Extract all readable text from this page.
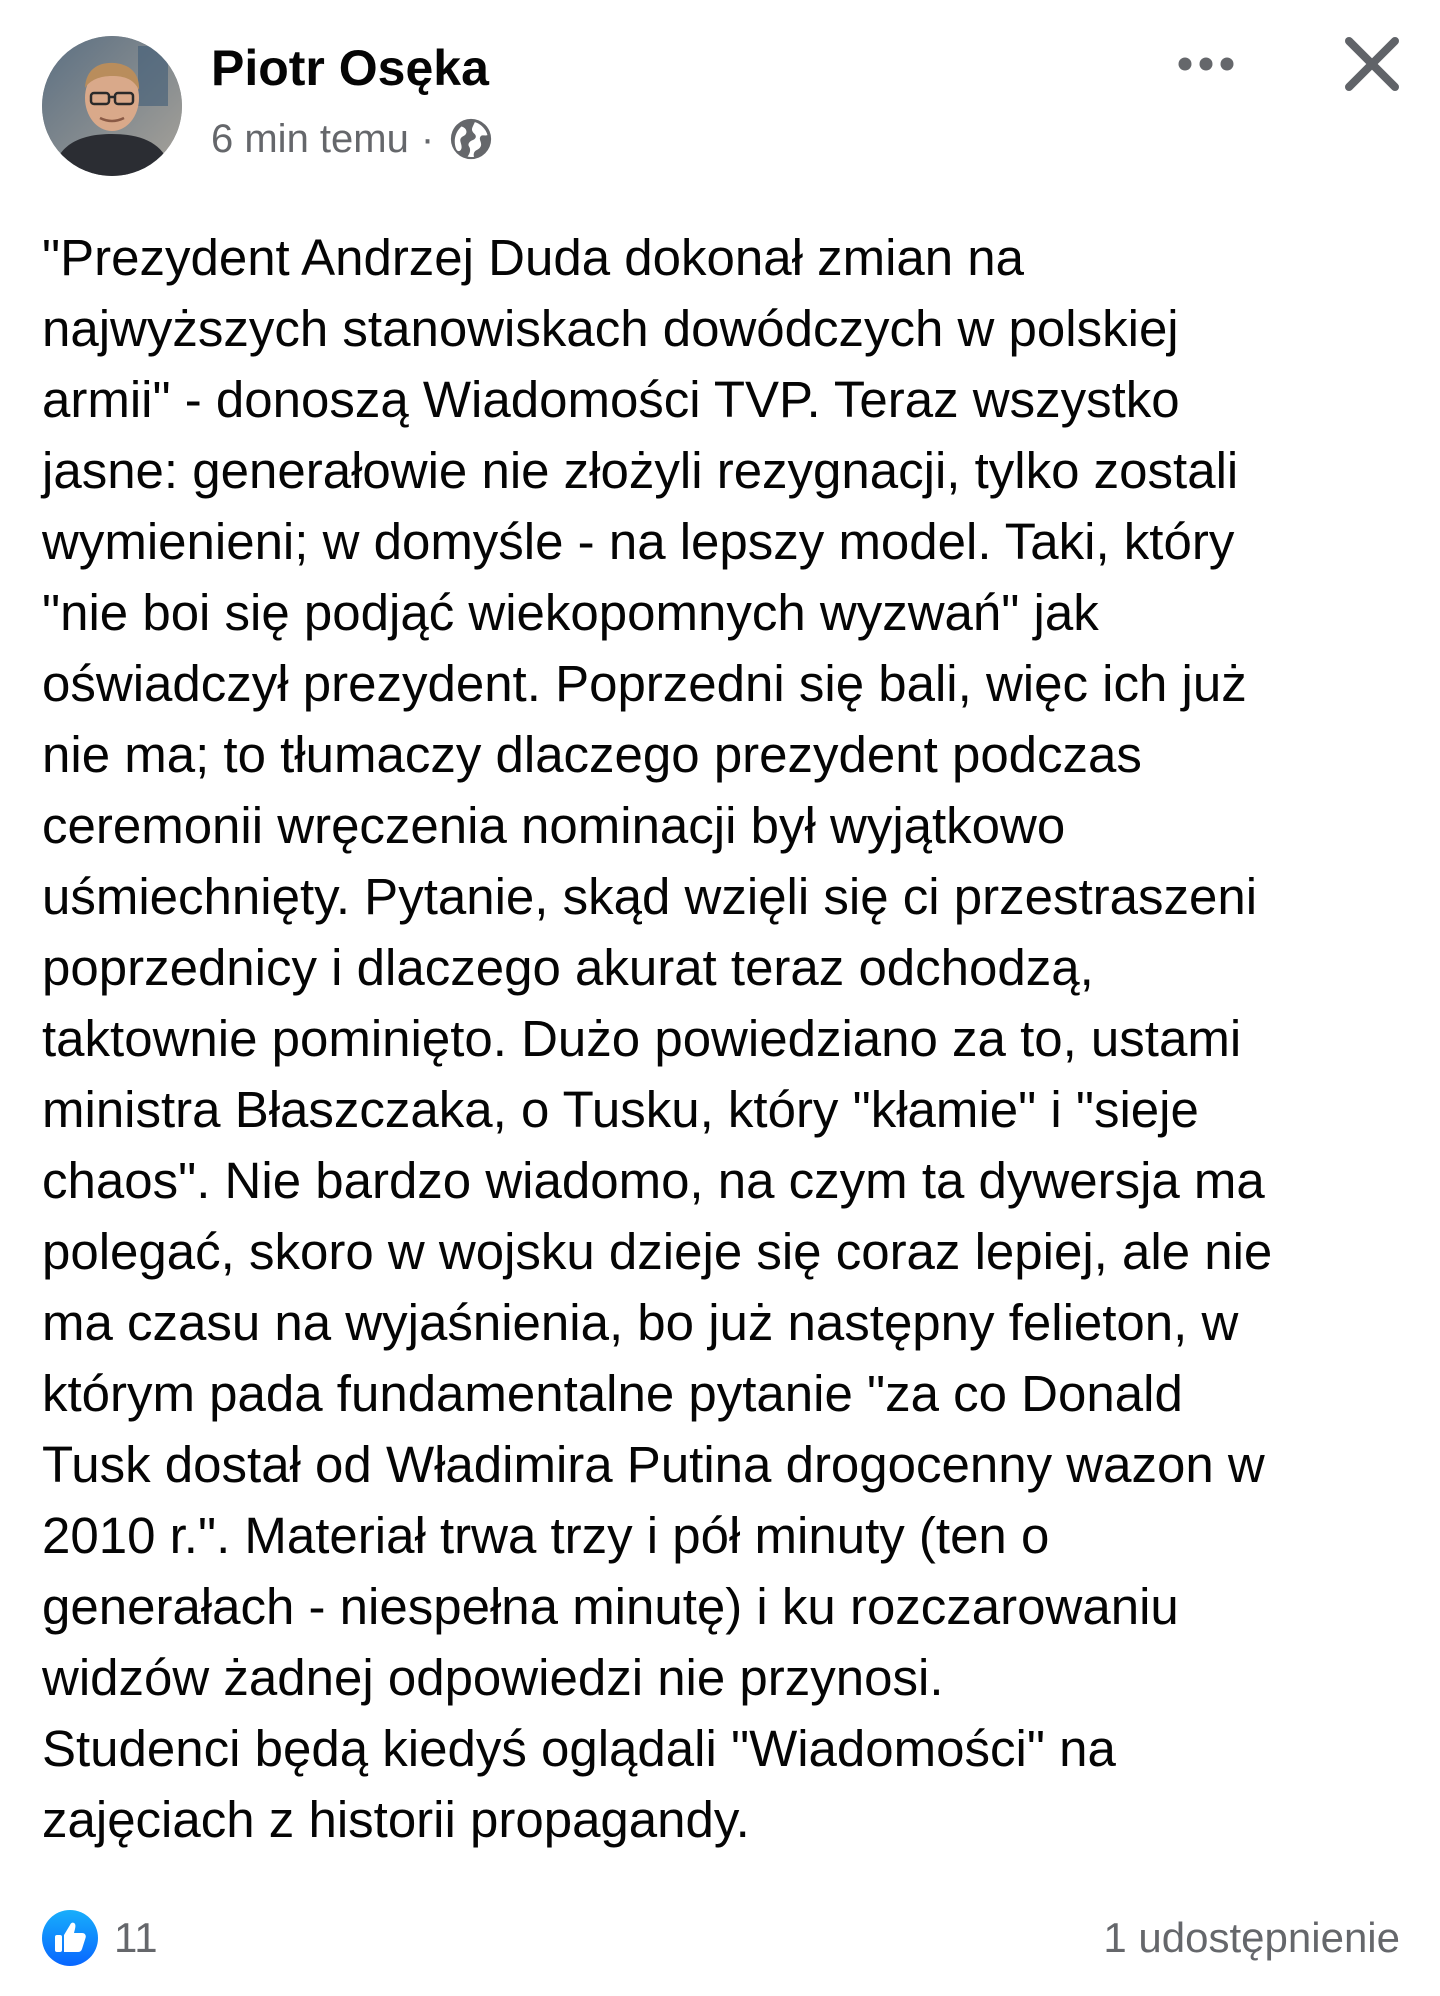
Piotr Osęka
6 min temu ·

"Prezydent Andrzej Duda dokonał zmian na

najwyższych stanowiskach dowódczych w polskiej

armii" - donoszą Wiadomości TVP. Teraz wszystko

jasne: generałowie nie złożyli rezygnacji, tylko zostali

wymienieni; w domyśle - na lepszy model. Taki, który

"nie boi się podjąć wiekopomnych wyzwań" jak

oświadczył prezydent. Poprzedni się bali, więc ich już

nie ma; to tłumaczy dlaczego prezydent podczas

ceremonii wręczenia nominacji był wyjątkowo

uśmiechnięty. Pytanie, skąd wzięli się ci przestraszeni

poprzednicy i dlaczego akurat teraz odchodzą,

taktownie pominięto. Dużo powiedziano za to, ustami

ministra Błaszczaka, o Tusku, który "kłamie" i "sieje

chaos". Nie bardzo wiadomo, na czym ta dywersja ma

polegać, skoro w wojsku dzieje się coraz lepiej, ale nie

ma czasu na wyjaśnienia, bo już następny felieton, w

którym pada fundamentalne pytanie "za co Donald

Tusk dostał od Władimira Putina drogocenny wazon w

2010 r.". Materiał trwa trzy i pół minuty (ten o

generałach - niespełna minutę) i ku rozczarowaniu

widzów żadnej odpowiedzi nie przynosi.

Studenci będą kiedyś oglądali "Wiadomości" na

zajęciach z historii propagandy.

11	1 udostępnienie
